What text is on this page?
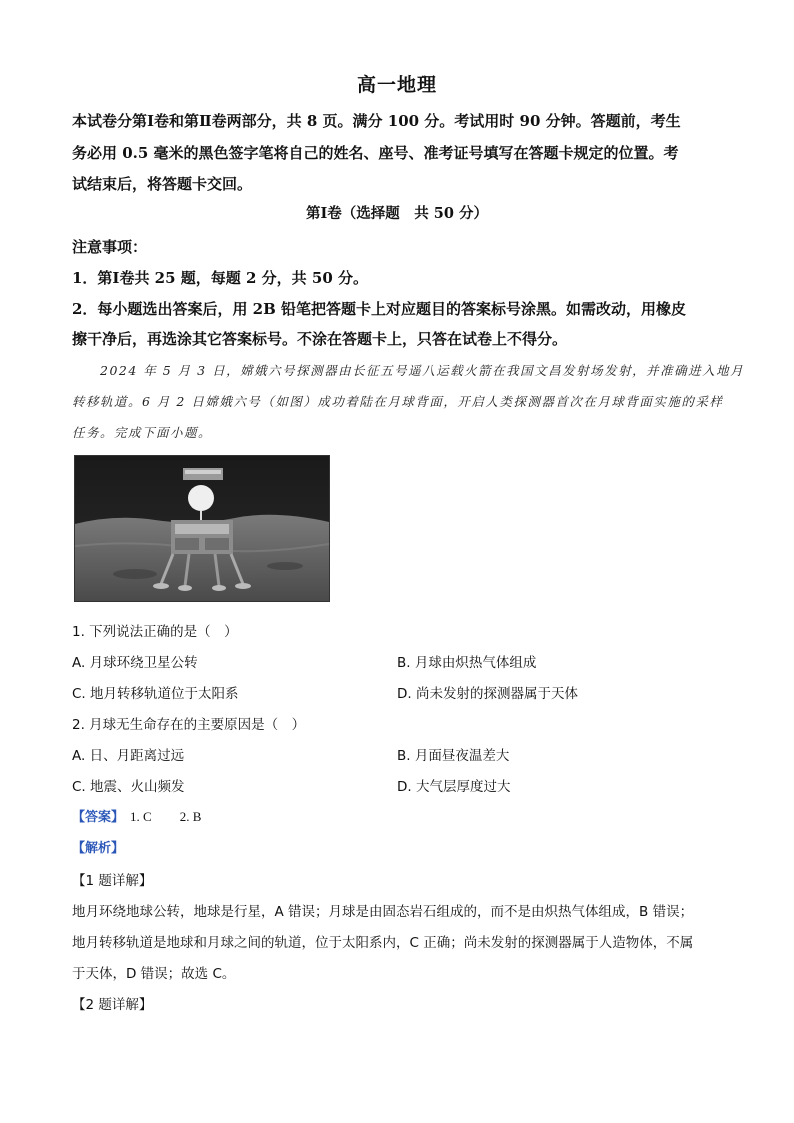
高一地理
本试卷分第Ⅰ卷和第Ⅱ卷两部分，共 8 页。满分 100 分。考试用时 90 分钟。答题前，考生
务必用 0.5 毫米的黑色签字笔将自己的姓名、座号、准考证号填写在答题卡规定的位置。考
试结束后，将答题卡交回。
第Ⅰ卷（选择题　共 50 分）
注意事项：
1．第Ⅰ卷共 25 题，每题 2 分，共 50 分。
2．每小题选出答案后，用 2B 铅笔把答题卡上对应题目的答案标号涂黑。如需改动，用橡皮
擦干净后，再选涂其它答案标号。不涂在答题卡上，只答在试卷上不得分。
2024 年 5 月 3 日，嫦娥六号探测器由长征五号遥八运载火箭在我国文昌发射场发射，并准确进入地月
转移轨道。6 月 2 日嫦娥六号（如图）成功着陆在月球背面，开启人类探测器首次在月球背面实施的采样
任务。完成下面小题。
1. 下列说法正确的是（　）
A. 月球环绕卫星公转	B. 月球由炽热气体组成
C. 地月转移轨道位于太阳系	D. 尚未发射的探测器属于天体
2. 月球无生命存在的主要原因是（　）
A. 日、月距离过远	B. 月面昼夜温差大
C. 地震、火山频发	D. 大气层厚度过大
【答案】 1. C 2. B
【解析】
【1 题详解】
地月环绕地球公转，地球是行星，A 错误；月球是由固态岩石组成的，而不是由炽热气体组成，B 错误；
地月转移轨道是地球和月球之间的轨道，位于太阳系内，C 正确；尚未发射的探测器属于人造物体，不属
于天体，D 错误；故选 C。
【2 题详解】
